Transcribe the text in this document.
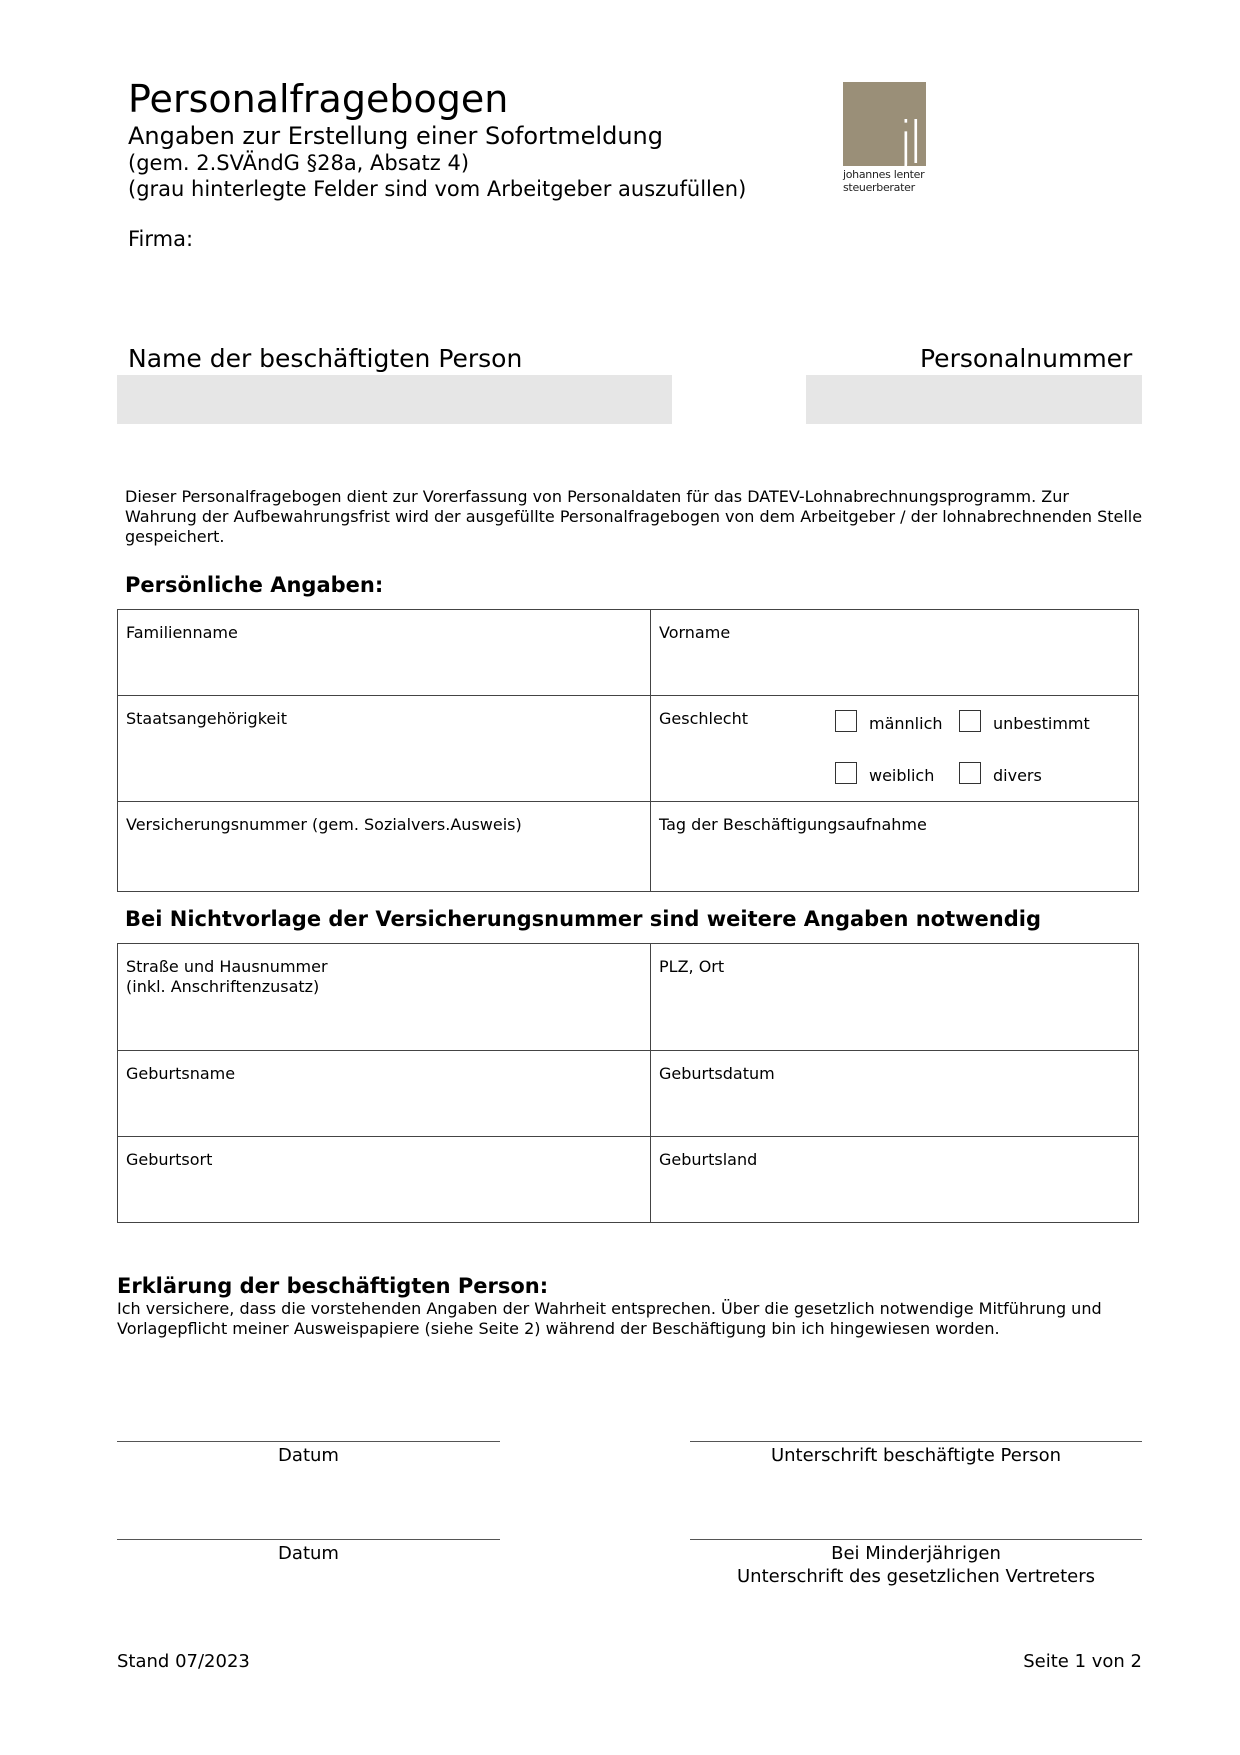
Personalfragebogen
Angaben zur Erstellung einer Sofortmeldung
(gem. 2.SVÄndG §28a, Absatz 4)
(grau hinterlegte Felder sind vom Arbeitgeber auszufüllen)
Firma:
jl
johannes lenter
steuerberater
Name der beschäftigten Person	Personalnummer
Dieser Personalfragebogen dient zur Vorerfassung von Personaldaten für das DATEV-Lohnabrechnungsprogramm. Zur Wahrung der Aufbewahrungsfrist wird der ausgefüllte Personalfragebogen von dem Arbeitgeber / der lohnabrechnenden Stelle gespeichert.
Persönliche Angaben:
Familienname	Vorname
Staatsangehörigkeit	Geschlecht männlich unbestimmt
weiblich divers

Versicherungsnummer (gem. Sozialvers.Ausweis)	Tag der Beschäftigungsaufnahme
Bei Nichtvorlage der Versicherungsnummer sind weitere Angaben notwendig
Straße und Hausnummer
(inkl. Anschriftenzusatz)	PLZ, Ort
Geburtsname	Geburtsdatum
Geburtsort	Geburtsland
Erklärung der beschäftigten Person:
Ich versichere, dass die vorstehenden Angaben der Wahrheit entsprechen. Über die gesetzlich notwendige Mitführung und Vorlagepflicht meiner Ausweispapiere (siehe Seite 2) während der Beschäftigung bin ich hingewiesen worden.
Datum	Unterschrift beschäftigte Person
Datum	Bei Minderjährigen
Unterschrift des gesetzlichen Vertreters
Stand 07/2023	Seite 1 von 2
